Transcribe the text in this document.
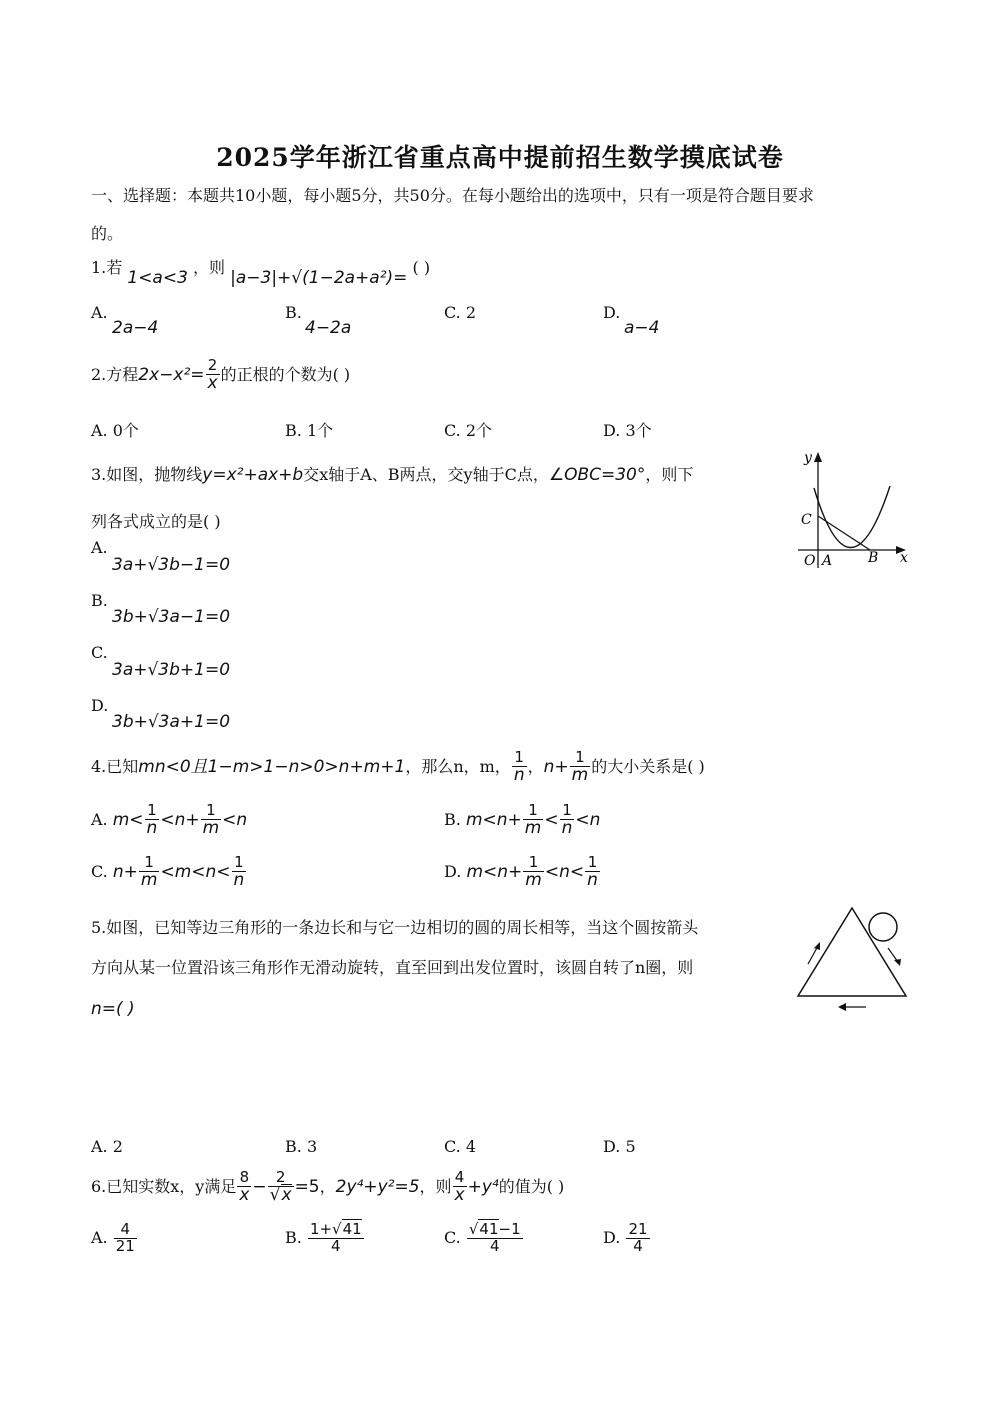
2025学年浙江省重点高中提前招生数学摸底试卷
一、选择题：本题共10小题，每小题5分，共50分。在每小题给出的选项中，只有一项是符合题目要求
的。
1.若 1<a<3 ，则 |a−3|+√(1−2a+a²)= ( )
A.
2a−4
B.
4−2a
C. 2	D.
a−4
2.方程$2x-x^2= \frac{2}{x}$ 的正根的个数为( )
A. 0个	B. 1个	C. 2个	D. 3个
3.如图，抛物线y=x²+ax+b交x轴于A、B两点，交y轴于C点，∠OBC=30°，则下
列各式成立的是( )
A.
3a+√3b−1=0
B.
3b+√3a−1=0
C.
3a+√3b+1=0
D.
3b+√3a+1=0
y
x
C
O A	B
4.已知mn<0且1−m>1−n>0>n+m+1，那么n，m， $\frac{1}{n}$ ，$n+ \frac{1}{m}$ 的大小关系是( )
A. $m< \frac{1}{n} <n+ \frac{1}{m} <n$	B. $m<n+ \frac{1}{m} < \frac{1}{n} <n$
C. $n+ \frac{1}{m} <m<n< \frac{1}{n}$	D. $m<n+ \frac{1}{m} <n< \frac{1}{n}$
5.如图，已知等边三角形的一条边长和与它一边相切的圆的周长相等，当这个圆按箭头
方向从某一位置沿该三角形作无滑动旋转，直至回到出发位置时，该圆自转了n圈，则
n=( )
A. 2	B. 3	C. 4	D. 5
6.已知实数x，y满足 $\frac{8}{x} - \frac{2}{√x} =5$，2y⁴+y²=5，则 $\frac{4}{x} +y^4$的值为( )
A. $\frac{4}{21}$	B. $\frac{1+√41}{4}$	C. $\frac{√41-1}{4}$	D. $\frac{21}{4}$
